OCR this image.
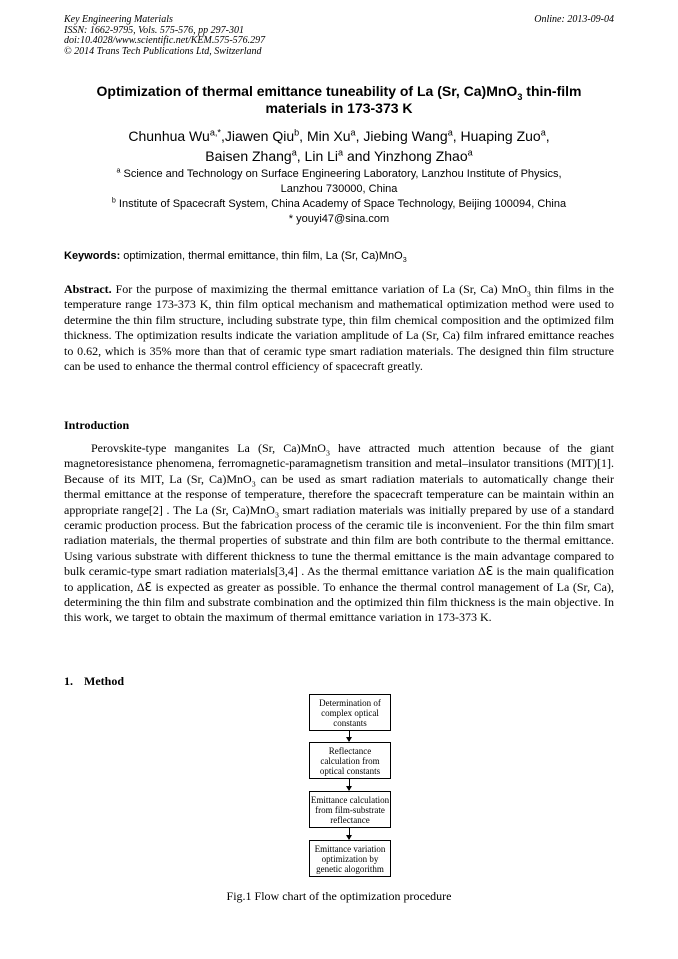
Key Engineering Materials
ISSN: 1662-9795, Vols. 575-576, pp 297-301
doi:10.4028/www.scientific.net/KEM.575-576.297
© 2014 Trans Tech Publications Ltd, Switzerland
Online: 2013-09-04
Optimization of thermal emittance tuneability of La (Sr, Ca)MnO$_3$ thin-film
materials in 173-373 K
Chunhua $Wu^{a,*},Jiawen$ Qiu$^b$, Min Xu$^a$, Jiebing Wang$^a$, Huaping Zuo$^a$,
Baisen Zhang$^a$, Lin Li$^a$ and Yinzhong Zhao$^a$
$^a$ Science and Technology on Surface Engineering Laboratory, Lanzhou Institute of Physics,
Lanzhou 730000, China
$^b$ Institute of Spacecraft System, China Academy of Space Technology, Beijing 100094, China
* youyi47@sina.com
Keywords: optimization, thermal emittance, thin film, La (Sr, Ca)MnO$_3$
Abstract. For the purpose of maximizing the thermal emittance variation of La (Sr, Ca) MnO$_3$ thin films in the temperature range 173-373 K, thin film optical mechanism and mathematical optimization method were used to determine the thin film structure, including substrate type, thin film chemical composition and the optimized film thickness. The optimization results indicate the variation amplitude of La (Sr, Ca) film infrared emittance reaches to 0.62, which is 35% more than that of ceramic type smart radiation materials. The designed thin film structure can be used to enhance the thermal control efficiency of spacecraft greatly.
Introduction
Perovskite-type manganites La (Sr, Ca)MnO$_3$ have attracted much attention because of the giant magnetoresistance phenomena, ferromagnetic-paramagnetism transition and metal–insulator transitions (MIT)[1]. Because of its MIT, La (Sr, Ca)MnO$_3$ can be used as smart radiation materials to automatically change their thermal emittance at the response of temperature, therefore the spacecraft temperature can be maintain within an appropriate range[2] . The La (Sr, Ca)MnO$_3$ smart radiation materials was initially prepared by use of a standard ceramic production process. But the fabrication process of the ceramic tile is inconvenient. For the thin film smart radiation materials, the thermal properties of substrate and thin film are both contribute to the thermal emittance. Using various substrate with different thickness to tune the thermal emittance is the main advantage compared to bulk ceramic-type smart radiation materials[3,4] . As the thermal emittance variation Δℇ is the main qualification to application, Δℇ is expected as greater as possible. To enhance the thermal control management of La (Sr, Ca), determining the thin film and substrate combination and the optimized thin film thickness is the main objective. In this work, we target to obtain the maximum of thermal emittance variation in 173-373 K.
1. Method
Determination of complex optical constants
Reflectance calculation from optical constants
Emittance calculation from film-substrate reflectance
Emittance variation optimization by genetic alogorithm
Fig.1 Flow chart of the optimization procedure
